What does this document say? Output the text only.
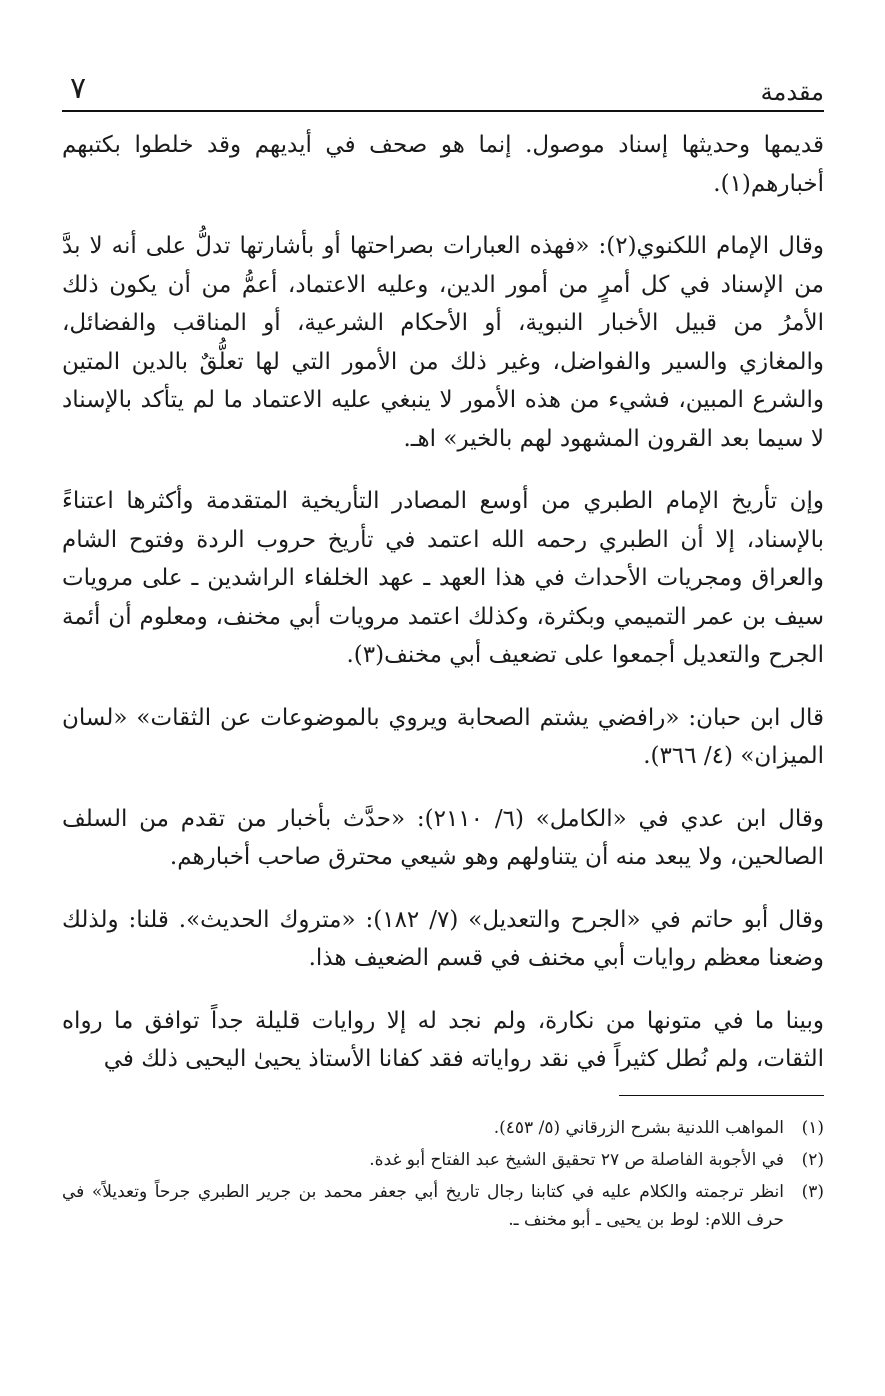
مقدمة
٧

قديمها وحديثها إسناد موصول. إنما هو صحف في أيديهم وقد خلطوا بكتبهم أخبارهم(١).

وقال الإمام اللكنوي(٢): «فهذه العبارات بصراحتها أو بأشارتها تدلُّ على أنه لا بدَّ من الإسناد في كل أمرٍ من أمور الدين، وعليه الاعتماد، أعمُّ من أن يكون ذلك الأمرُ من قبيل الأخبار النبوية، أو الأحكام الشرعية، أو المناقب والفضائل، والمغازي والسير والفواضل، وغير ذلك من الأمور التي لها تعلُّقٌ بالدين المتين والشرع المبين، فشيء من هذه الأمور لا ينبغي عليه الاعتماد ما لم يتأكد بالإسناد لا سيما بعد القرون المشهود لهم بالخير» اهـ.

وإن تأريخ الإمام الطبري من أوسع المصادر التأريخية المتقدمة وأكثرها اعتناءً بالإسناد، إلا أن الطبري رحمه الله اعتمد في تأريخ حروب الردة وفتوح الشام والعراق ومجريات الأحداث في هذا العهد ـ عهد الخلفاء الراشدين ـ على مرويات سيف بن عمر التميمي وبكثرة، وكذلك اعتمد مرويات أبي مخنف، ومعلوم أن أئمة الجرح والتعديل أجمعوا على تضعيف أبي مخنف(٣).

قال ابن حبان: «رافضي يشتم الصحابة ويروي بالموضوعات عن الثقات» «لسان الميزان» (٤/ ٣٦٦).

وقال ابن عدي في «الكامل» (٦/ ٢١١٠): «حدَّث بأخبار من تقدم من السلف الصالحين، ولا يبعد منه أن يتناولهم وهو شيعي محترق صاحب أخبارهم.

وقال أبو حاتم في «الجرح والتعديل» (٧/ ١٨٢): «متروك الحديث». قلنا: ولذلك وضعنا معظم روايات أبي مخنف في قسم الضعيف هذا.

وبينا ما في متونها من نكارة، ولم نجد له إلا روايات قليلة جداً توافق ما رواه الثقات، ولم نُطل كثيراً في نقد رواياته فقد كفانا الأستاذ يحيىٰ اليحيى ذلك في

(١)
المواهب اللدنية بشرح الزرقاني (٥/ ٤٥٣).
(٢)
في الأجوبة الفاصلة ص ٢٧ تحقيق الشيخ عبد الفتاح أبو غدة.
(٣)
انظر ترجمته والكلام عليه في كتابنا رجال تاريخ أبي جعفر محمد بن جرير الطبري جرحاً وتعديلاً» في حرف اللام: لوط بن يحيى ـ أبو مخنف ـ.
